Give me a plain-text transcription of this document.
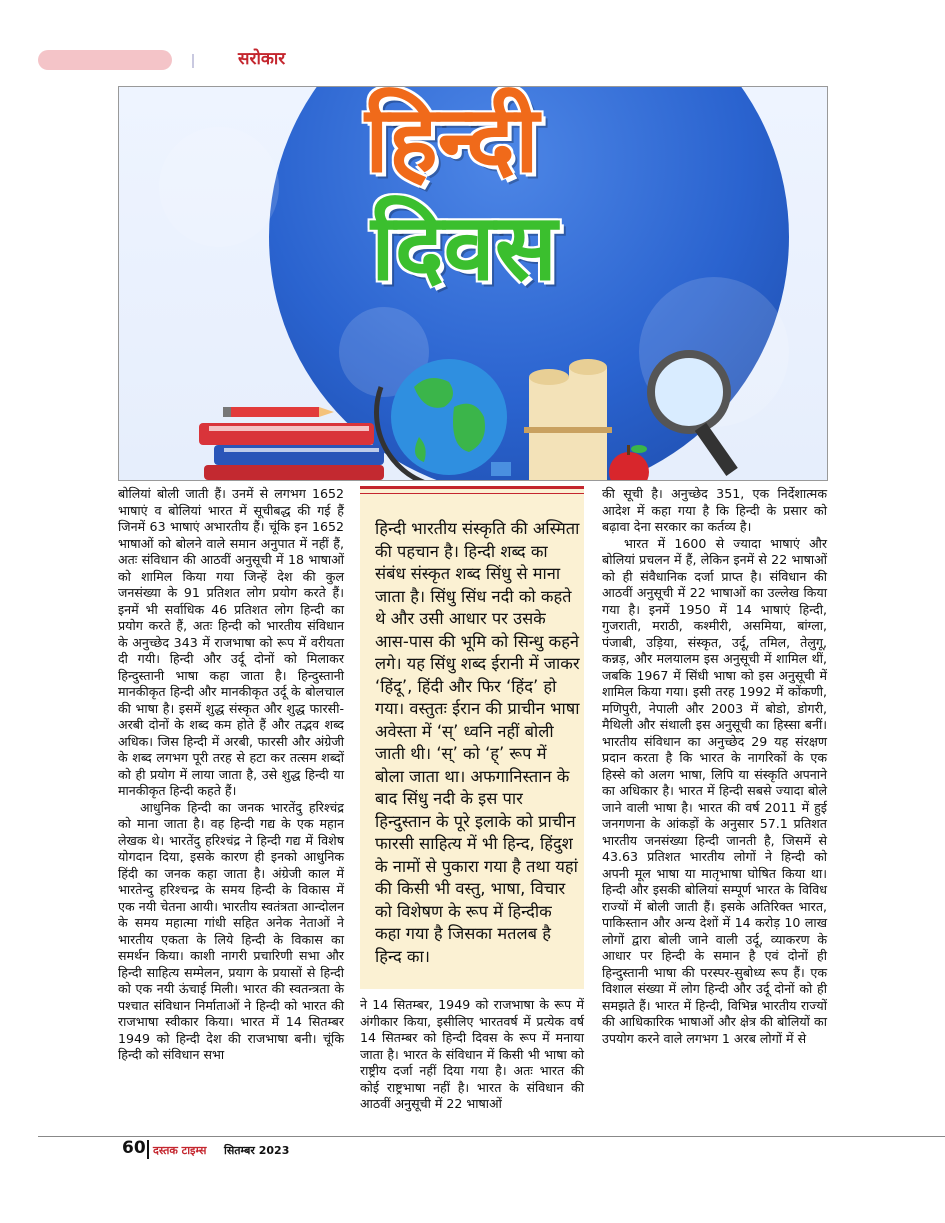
सरोकार
हिन्दी
दिवस

बोलियां बोली जाती हैं। उनमें से लगभग 1652 भाषाएं व बोलियां भारत में सूचीबद्ध की गई हैं जिनमें 63 भाषाएं अभारतीय हैं। चूंकि इन 1652 भाषाओं को बोलने वाले समान अनुपात में नहीं हैं, अतः संविधान की आठवीं अनुसूची में 18 भाषाओं को शामिल किया गया जिन्हें देश की कुल जनसंख्या के 91 प्रतिशत लोग प्रयोग करते हैं। इनमें भी सर्वाधिक 46 प्रतिशत लोग हिन्दी का प्रयोग करते हैं, अतः हिन्दी को भारतीय संविधान के अनुच्छेद 343 में राजभाषा को रूप में वरीयता दी गयी। हिन्दी और उर्दू दोनों को मिलाकर हिन्दुस्तानी भाषा कहा जाता है। हिन्दुस्तानी मानकीकृत हिन्दी और मानकीकृत उर्दू के बोलचाल की भाषा है। इसमें शुद्ध संस्कृत और शुद्ध फारसी-अरबी दोनों के शब्द कम होते हैं और तद्भव शब्द अधिक। जिस हिन्दी में अरबी, फारसी और अंग्रेजी के शब्द लगभग पूरी तरह से हटा कर तत्सम शब्दों को ही प्रयोग में लाया जाता है, उसे शुद्ध हिन्दी या मानकीकृत हिन्दी कहते हैं।

आधुनिक हिन्दी का जनक भारतेंदु हरिश्चंद्र को माना जाता है। वह हिन्दी गद्य के एक महान लेखक थे। भारतेंदु हरिश्चंद्र ने हिन्दी गद्य में विशेष योगदान दिया, इसके कारण ही इनको आधुनिक हिंदी का जनक कहा जाता है। अंग्रेजी काल में भारतेन्दु हरिश्चन्द्र के समय हिन्दी के विकास में एक नयी चेतना आयी। भारतीय स्वतंत्रता आन्दोलन के समय महात्मा गांधी सहित अनेक नेताओं ने भारतीय एकता के लिये हिन्दी के विकास का समर्थन किया। काशी नागरी प्रचारिणी सभा और हिन्दी साहित्य सम्मेलन, प्रयाग के प्रयासों से हिन्दी को एक नयी ऊंचाई मिली। भारत की स्वतन्त्रता के पश्चात संविधान निर्माताओं ने हिन्दी को भारत की राजभाषा स्वीकार किया। भारत में 14 सितम्बर 1949 को हिन्दी देश की राजभाषा बनी। चूंकि हिन्दी को संविधान सभा

हिन्दी भारतीय संस्कृति की अस्मिता की पहचान है। हिन्दी शब्द का संबंध संस्कृत शब्द सिंधु से माना जाता है। सिंधु सिंध नदी को कहते थे और उसी आधार पर उसके आस-पास की भूमि को सिन्धु कहने लगे। यह सिंधु शब्द ईरानी में जाकर ‘हिंदू’, हिंदी और फिर ‘हिंद’ हो गया। वस्तुतः ईरान की प्राचीन भाषा अवेस्ता में ‘स्’ ध्वनि नहीं बोली जाती थी। ‘स्’ को ‘ह्’ रूप में बोला जाता था। अफगानिस्तान के बाद सिंधु नदी के इस पार हिन्दुस्तान के पूरे इलाके को प्राचीन फारसी साहित्य में भी हिन्द, हिंदुश के नामों से पुकारा गया है तथा यहां की किसी भी वस्तु, भाषा, विचार को विशेषण के रूप में हिन्दीक कहा गया है जिसका मतलब है हिन्द का।

ने 14 सितम्बर, 1949 को राजभाषा के रूप में अंगीकार किया, इसीलिए भारतवर्ष में प्रत्येक वर्ष 14 सितम्बर को हिन्दी दिवस के रूप में मनाया जाता है। भारत के संविधान में किसी भी भाषा को राष्ट्रीय दर्जा नहीं दिया गया है। अतः भारत की कोई राष्ट्रभाषा नहीं है। भारत के संविधान की आठवीं अनुसूची में 22 भाषाओं

की सूची है। अनुच्छेद 351, एक निर्देशात्मक आदेश में कहा गया है कि हिन्दी के प्रसार को बढ़ावा देना सरकार का कर्तव्य है।

भारत में 1600 से ज्यादा भाषाएं और बोलियां प्रचलन में हैं, लेकिन इनमें से 22 भाषाओं को ही संवैधानिक दर्जा प्राप्त है। संविधान की आठवीं अनुसूची में 22 भाषाओं का उल्लेख किया गया है। इनमें 1950 में 14 भाषाएं हिन्दी, गुजराती, मराठी, कश्मीरी, असमिया, बांग्ला, पंजाबी, उड़िया, संस्कृत, उर्दू, तमिल, तेलुगू, कन्नड़, और मलयालम इस अनुसूची में शामिल थीं, जबकि 1967 में सिंधी भाषा को इस अनुसूची में शामिल किया गया। इसी तरह 1992 में कोंकणी, मणिपुरी, नेपाली और 2003 में बोडो, डोगरी, मैथिली और संथाली इस अनुसूची का हिस्सा बनीं। भारतीय संविधान का अनुच्छेद 29 यह संरक्षण प्रदान करता है कि भारत के नागरिकों के एक हिस्से को अलग भाषा, लिपि या संस्कृति अपनाने का अधिकार है। भारत में हिन्दी सबसे ज्यादा बोले जाने वाली भाषा है। भारत की वर्ष 2011 में हुई जनगणना के आंकड़ों के अनुसार 57.1 प्रतिशत भारतीय जनसंख्या हिन्दी जानती है, जिसमें से 43.63 प्रतिशत भारतीय लोगों ने हिन्दी को अपनी मूल भाषा या मातृभाषा घोषित किया था। हिन्दी और इसकी बोलियां सम्पूर्ण भारत के विविध राज्यों में बोली जाती हैं। इसके अतिरिक्त भारत, पाकिस्तान और अन्य देशों में 14 करोड़ 10 लाख लोगों द्वारा बोली जाने वाली उर्दू, व्याकरण के आधार पर हिन्दी के समान है एवं दोनों ही हिन्दुस्तानी भाषा की परस्पर-सुबोध्य रूप हैं। एक विशाल संख्या में लोग हिन्दी और उर्दू दोनों को ही समझते हैं। भारत में हिन्दी, विभिन्न भारतीय राज्यों की आधिकारिक भाषाओं और क्षेत्र की बोलियों का उपयोग करने वाले लगभग 1 अरब लोगों में से

60 दस्तक टाइम्स सितम्बर 2023
